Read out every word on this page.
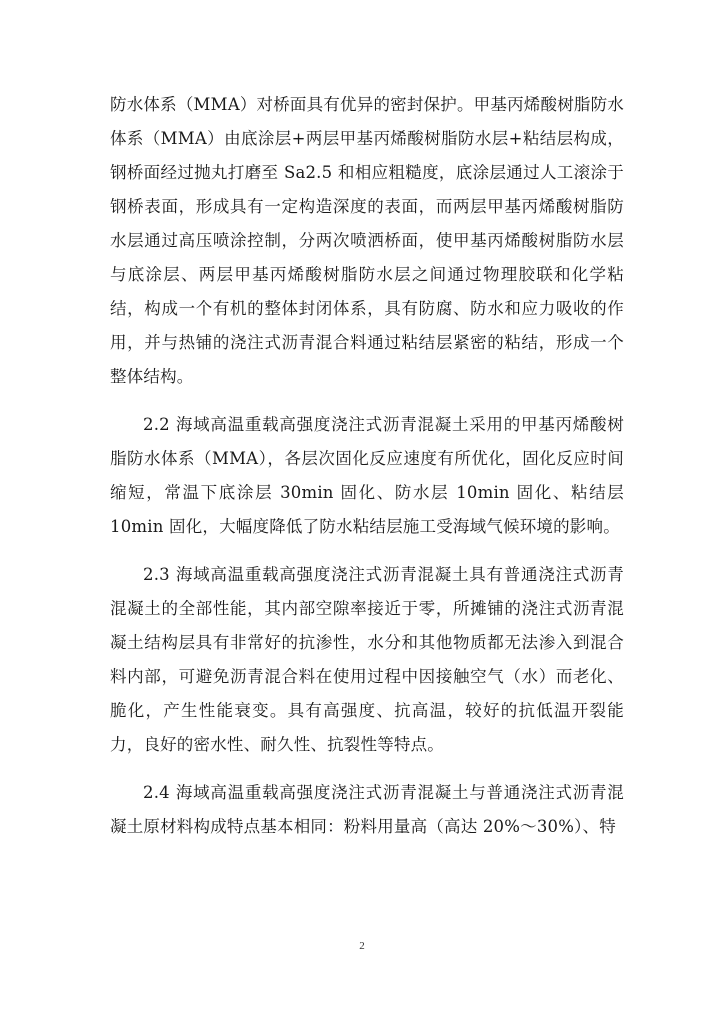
防水体系（MMA）对桥面具有优异的密封保护。甲基丙烯酸树脂防水体系（MMA）由底涂层+两层甲基丙烯酸树脂防水层+粘结层构成，钢桥面经过抛丸打磨至 Sa2.5 和相应粗糙度，底涂层通过人工滚涂于钢桥表面，形成具有一定构造深度的表面，而两层甲基丙烯酸树脂防水层通过高压喷涂控制，分两次喷洒桥面，使甲基丙烯酸树脂防水层与底涂层、两层甲基丙烯酸树脂防水层之间通过物理胶联和化学粘结，构成一个有机的整体封闭体系，具有防腐、防水和应力吸收的作用，并与热铺的浇注式沥青混合料通过粘结层紧密的粘结，形成一个整体结构。

2.2 海域高温重载高强度浇注式沥青混凝土采用的甲基丙烯酸树脂防水体系（MMA），各层次固化反应速度有所优化，固化反应时间缩短，常温下底涂层 30min 固化、防水层 10min 固化、粘结层 10min 固化，大幅度降低了防水粘结层施工受海域气候环境的影响。

2.3 海域高温重载高强度浇注式沥青混凝土具有普通浇注式沥青混凝土的全部性能，其内部空隙率接近于零，所摊铺的浇注式沥青混凝土结构层具有非常好的抗渗性，水分和其他物质都无法渗入到混合料内部，可避免沥青混合料在使用过程中因接触空气（水）而老化、脆化，产生性能衰变。具有高强度、抗高温，较好的抗低温开裂能力，良好的密水性、耐久性、抗裂性等特点。

2.4 海域高温重载高强度浇注式沥青混凝土与普通浇注式沥青混凝土原材料构成特点基本相同：粉料用量高（高达 20%～30%）、特

2
